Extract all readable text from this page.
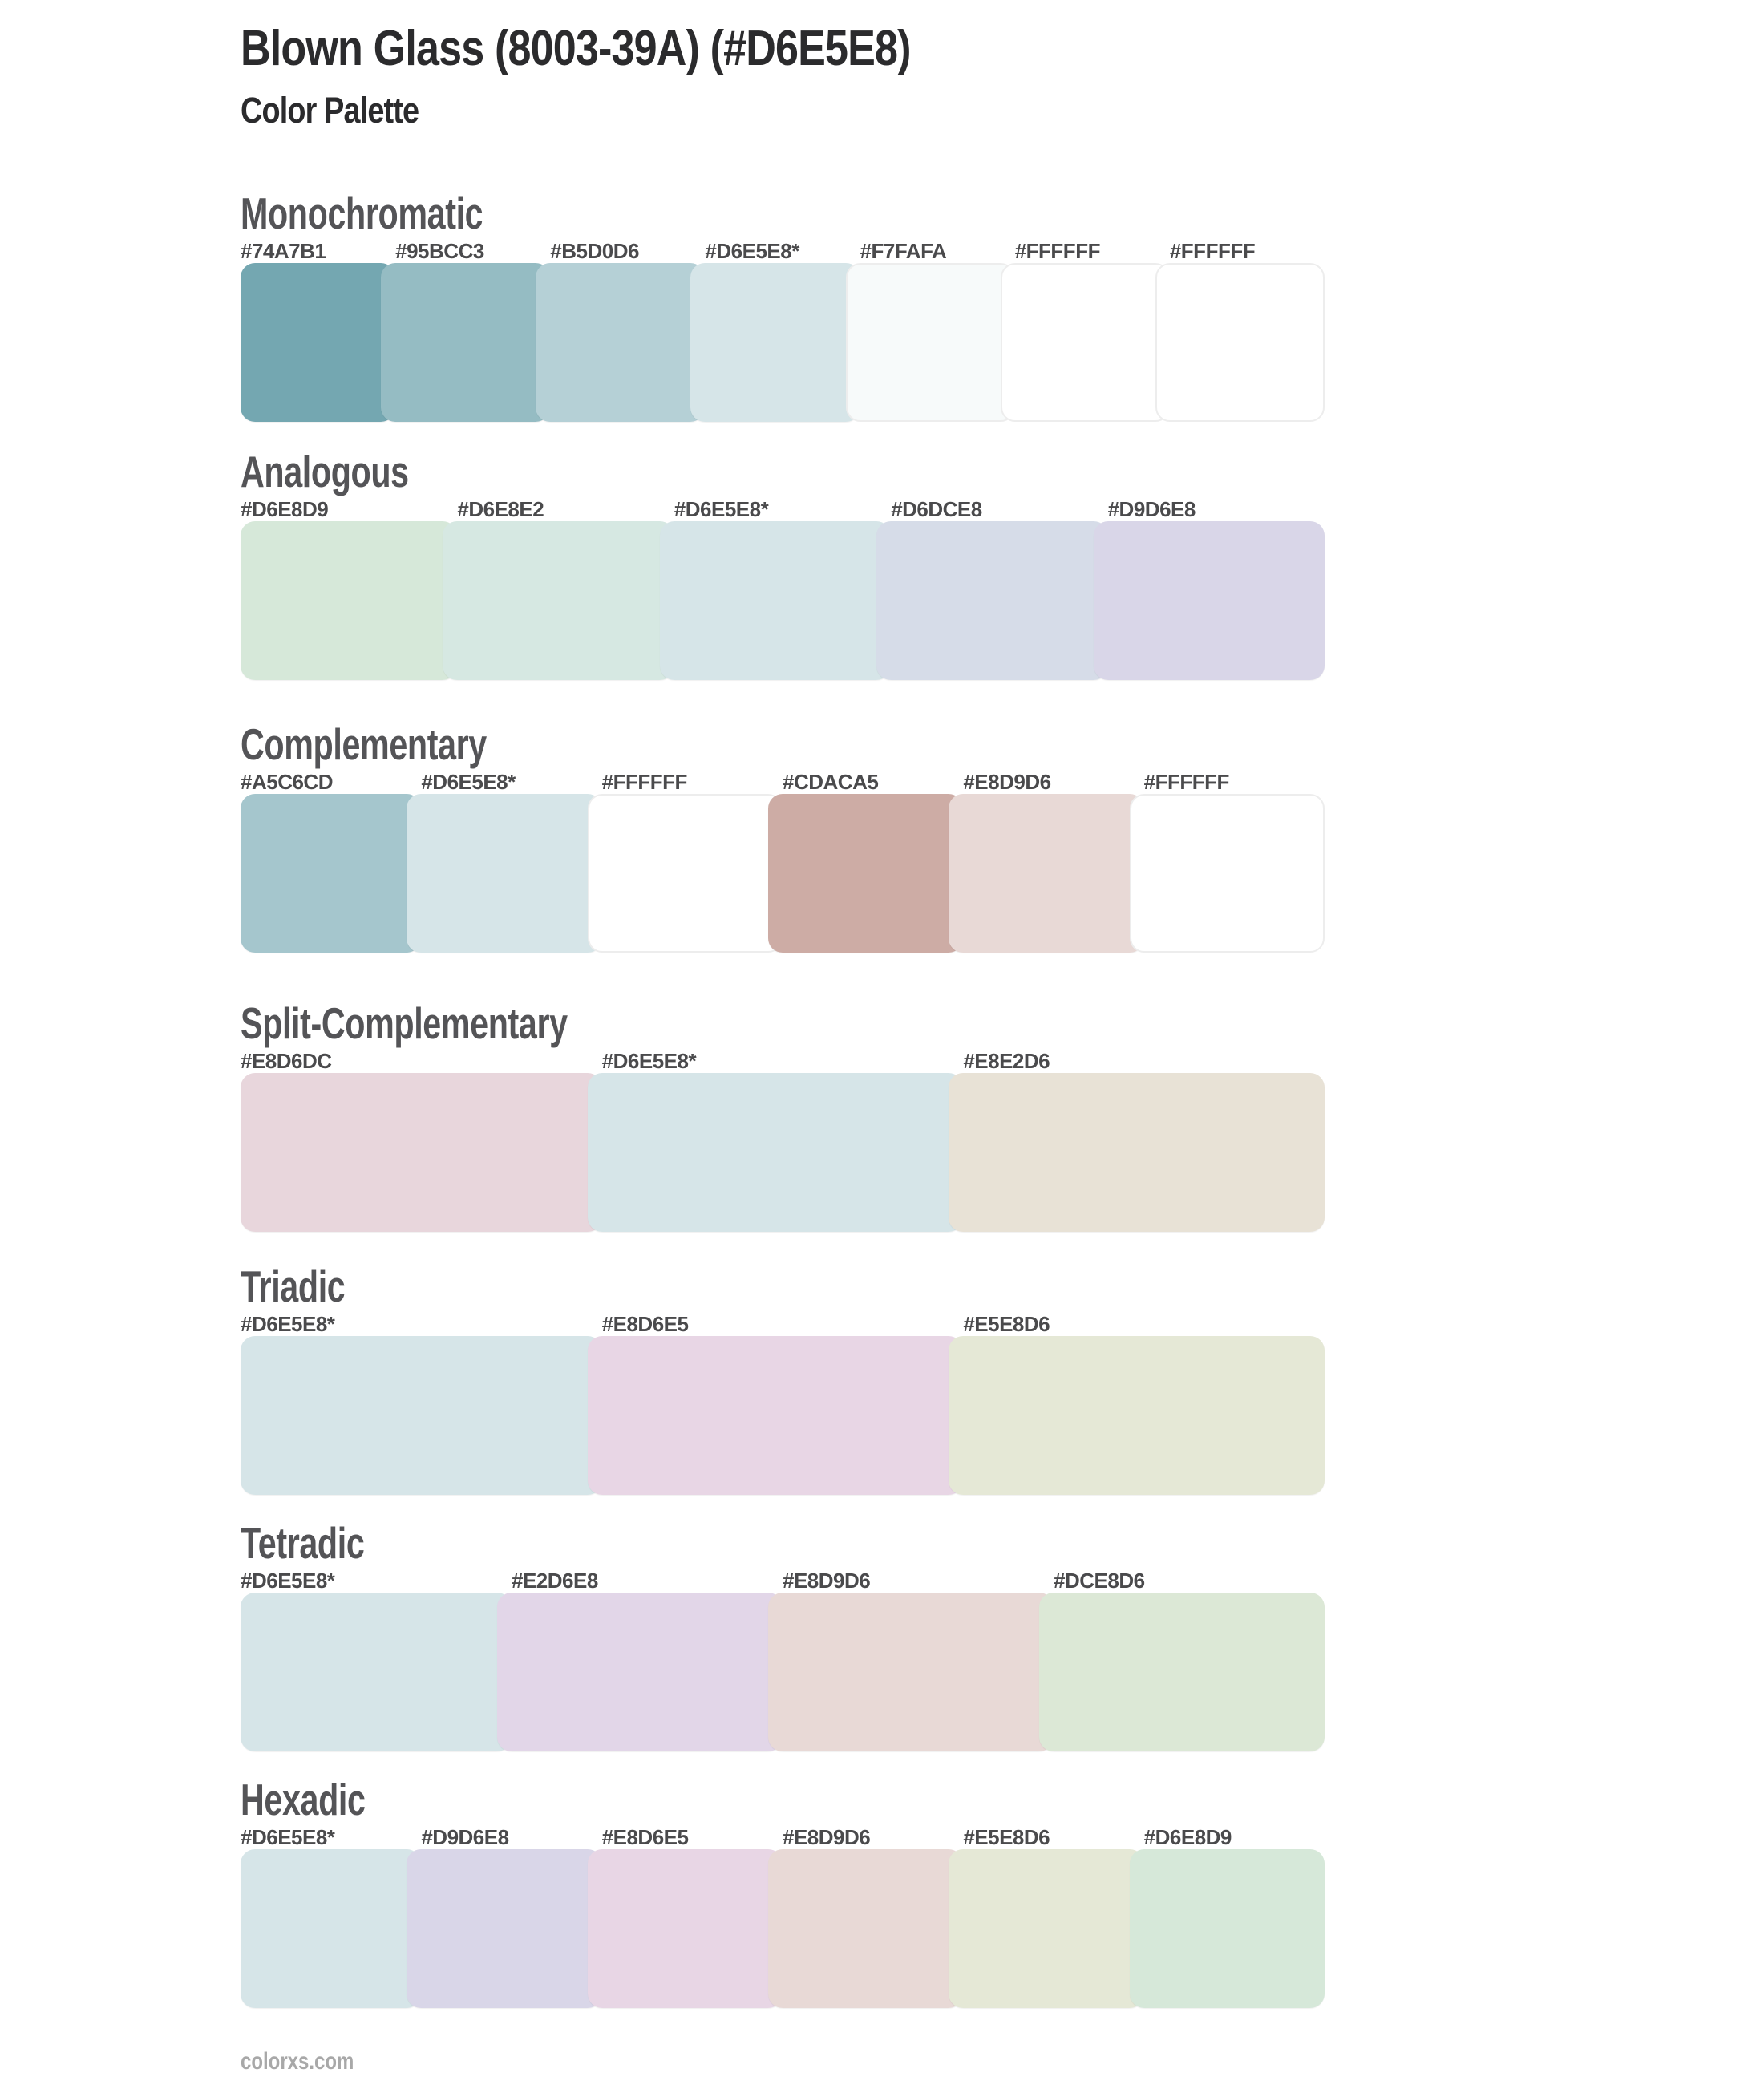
Blown Glass (8003-39A) (#D6E5E8)
Color Palette
Monochromatic
#74A7B1	#95BCC3	#B5D0D6	#D6E5E8*	#F7FAFA	#FFFFFF	#FFFFFF
Analogous
#D6E8D9	#D6E8E2	#D6E5E8*	#D6DCE8	#D9D6E8
Complementary
#A5C6CD	#D6E5E8*	#FFFFFF	#CDACA5	#E8D9D6	#FFFFFF
Split-Complementary
#E8D6DC	#D6E5E8*	#E8E2D6
Triadic
#D6E5E8*	#E8D6E5	#E5E8D6
Tetradic
#D6E5E8*	#E2D6E8	#E8D9D6	#DCE8D6
Hexadic
#D6E5E8*	#D9D6E8	#E8D6E5	#E8D9D6	#E5E8D6	#D6E8D9
colorxs.com
